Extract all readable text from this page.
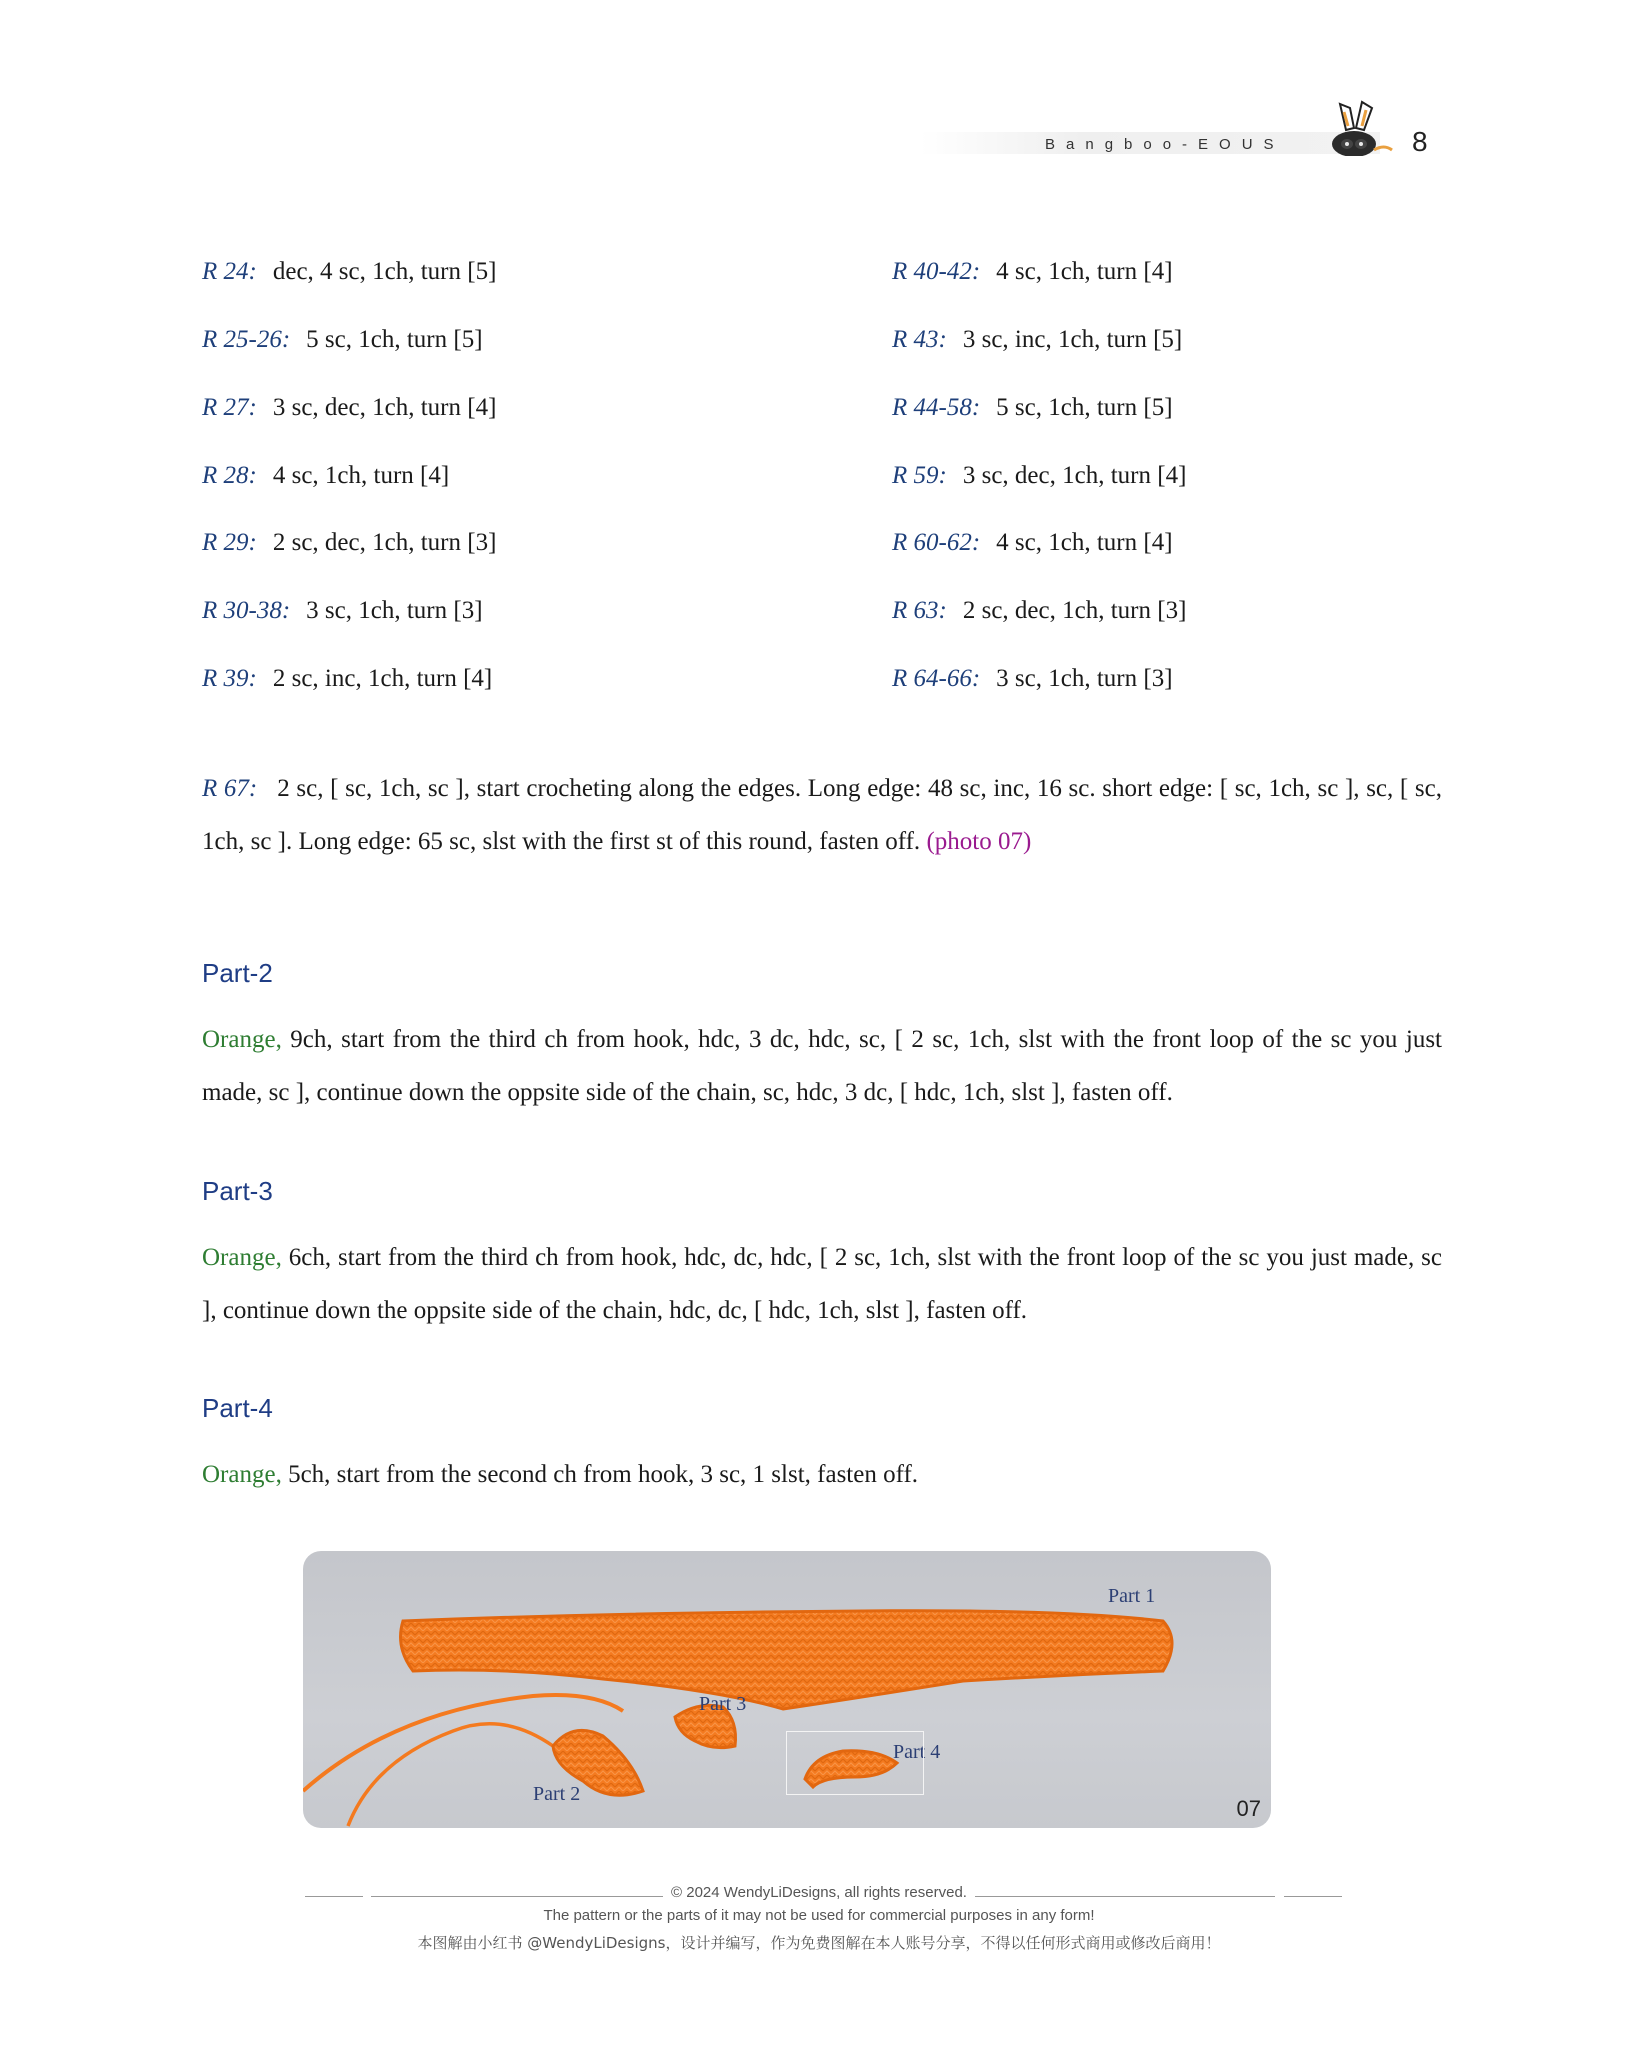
Bangboo-EOUS	8
R 24: dec, 4 sc, 1ch, turn [5]
R 25-26: 5 sc, 1ch, turn [5]
R 27: 3 sc, dec, 1ch, turn [4]
R 28: 4 sc, 1ch, turn [4]
R 29: 2 sc, dec, 1ch, turn [3]
R 30-38: 3 sc, 1ch, turn [3]
R 39: 2 sc, inc, 1ch, turn [4]
R 40-42: 4 sc, 1ch, turn [4]
R 43: 3 sc, inc, 1ch, turn [5]
R 44-58: 5 sc, 1ch, turn [5]
R 59: 3 sc, dec, 1ch, turn [4]
R 60-62: 4 sc, 1ch, turn [4]
R 63: 2 sc, dec, 1ch, turn [3]
R 64-66: 3 sc, 1ch, turn [3]
R 67: 2 sc, [ sc, 1ch, sc ], start crocheting along the edges. Long edge: 48 sc, inc, 16 sc. short edge: [ sc, 1ch, sc ], sc, [ sc, 1ch, sc ]. Long edge: 65 sc, slst with the first st of this round, fasten off. (photo 07)
Part-2
Orange, 9ch, start from the third ch from hook, hdc, 3 dc, hdc, sc, [ 2 sc, 1ch, slst with the front loop of the sc you just made, sc ], continue down the oppsite side of the chain, sc, hdc, 3 dc, [ hdc, 1ch, slst ], fasten off.
Part-3
Orange, 6ch, start from the third ch from hook, hdc, dc, hdc, [ 2 sc, 1ch, slst with the front loop of the sc you just made, sc ], continue down the oppsite side of the chain, hdc, dc, [ hdc, 1ch, slst ], fasten off.
Part-4
Orange, 5ch, start from the second ch from hook, 3 sc, 1 slst, fasten off.
Part 1
Part 3
Part 4
Part 2
07
© 2024 WendyLiDesigns, all rights reserved.
The pattern or the parts of it may not be used for commercial purposes in any form!
本图解由小红书 @WendyLiDesigns，设计并编写，作为免费图解在本人账号分享，不得以任何形式商用或修改后商用！
